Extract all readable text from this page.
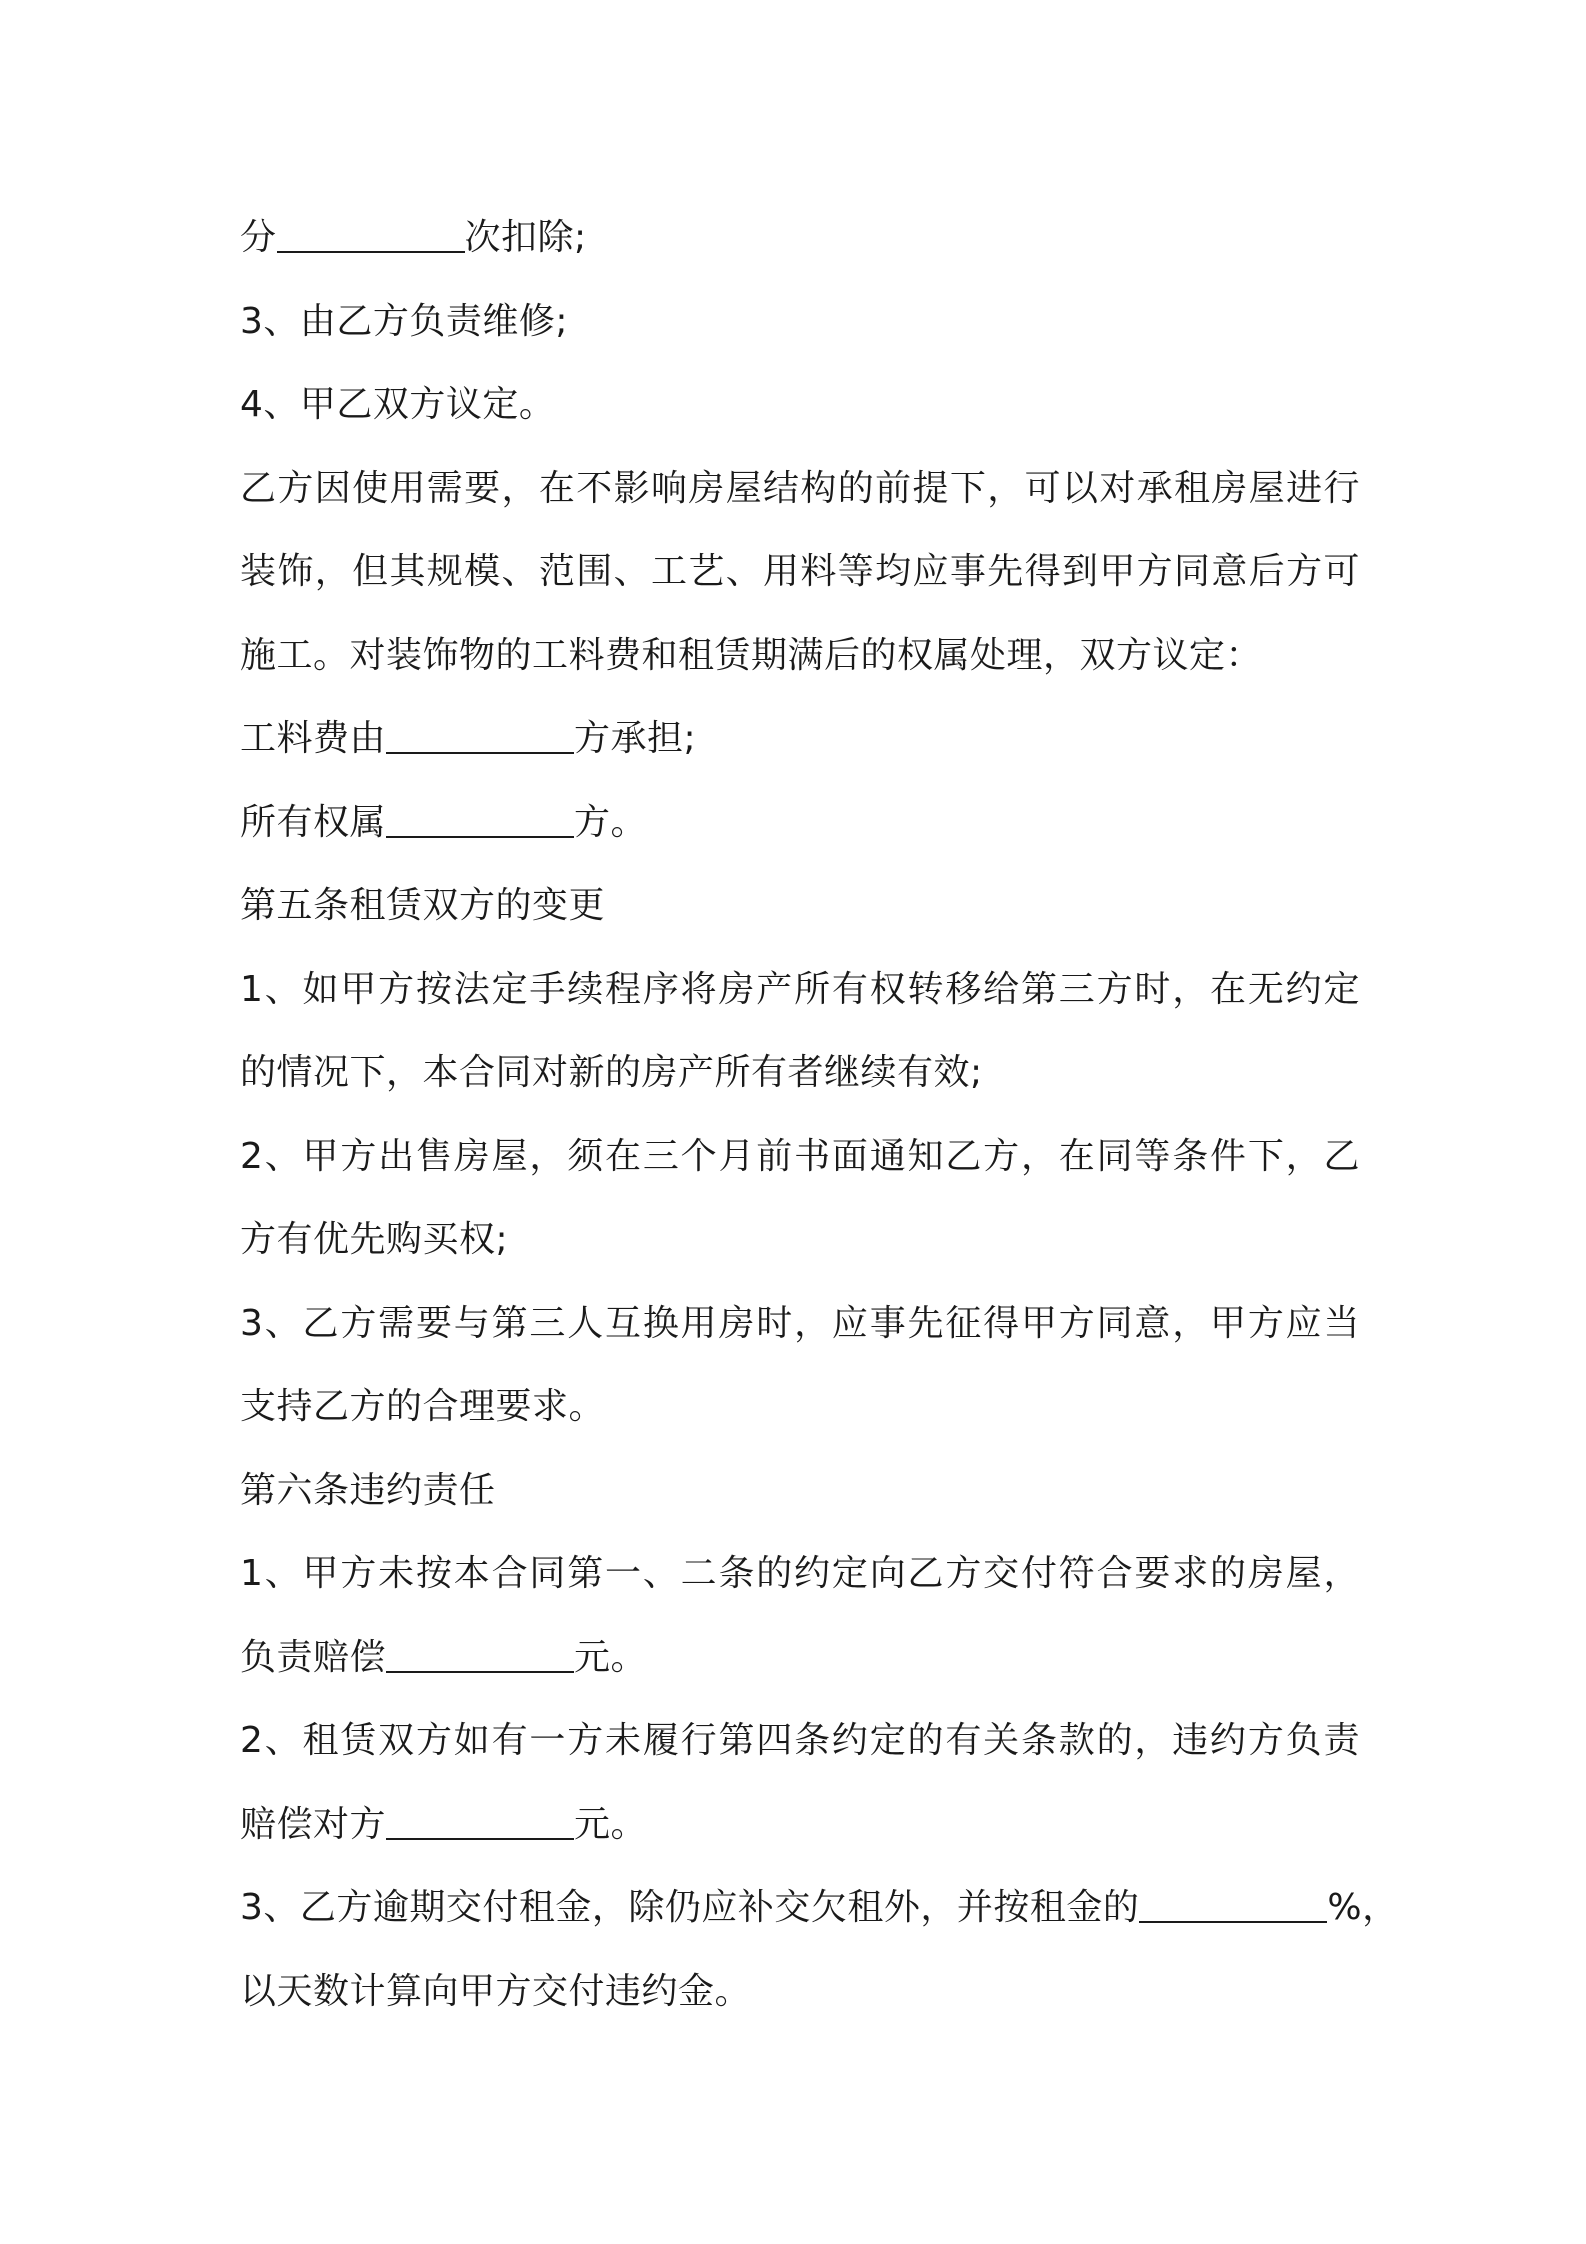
分	次扣除;
3、由乙方负责维修;
4、甲乙双方议定。
乙方因使用需要，在不影响房屋结构的前提下，可以对承租房屋进行
装饰，但其规模、范围、工艺、用料等均应事先得到甲方同意后方可
施工。对装饰物的工料费和租赁期满后的权属处理，双方议定：
工料费由	方承担;
所有权属	方。
第五条租赁双方的变更
1、如甲方按法定手续程序将房产所有权转移给第三方时，在无约定
的情况下，本合同对新的房产所有者继续有效;
2、甲方出售房屋，须在三个月前书面通知乙方，在同等条件下，乙
方有优先购买权;
3、乙方需要与第三人互换用房时，应事先征得甲方同意，甲方应当
支持乙方的合理要求。
第六条违约责任
1、甲方未按本合同第一、二条的约定向乙方交付符合要求的房屋，
负责赔偿	元。
2、租赁双方如有一方未履行第四条约定的有关条款的，违约方负责
赔偿对方	元。
3、乙方逾期交付租金，除仍应补交欠租外，并按租金的	%，
以天数计算向甲方交付违约金。
